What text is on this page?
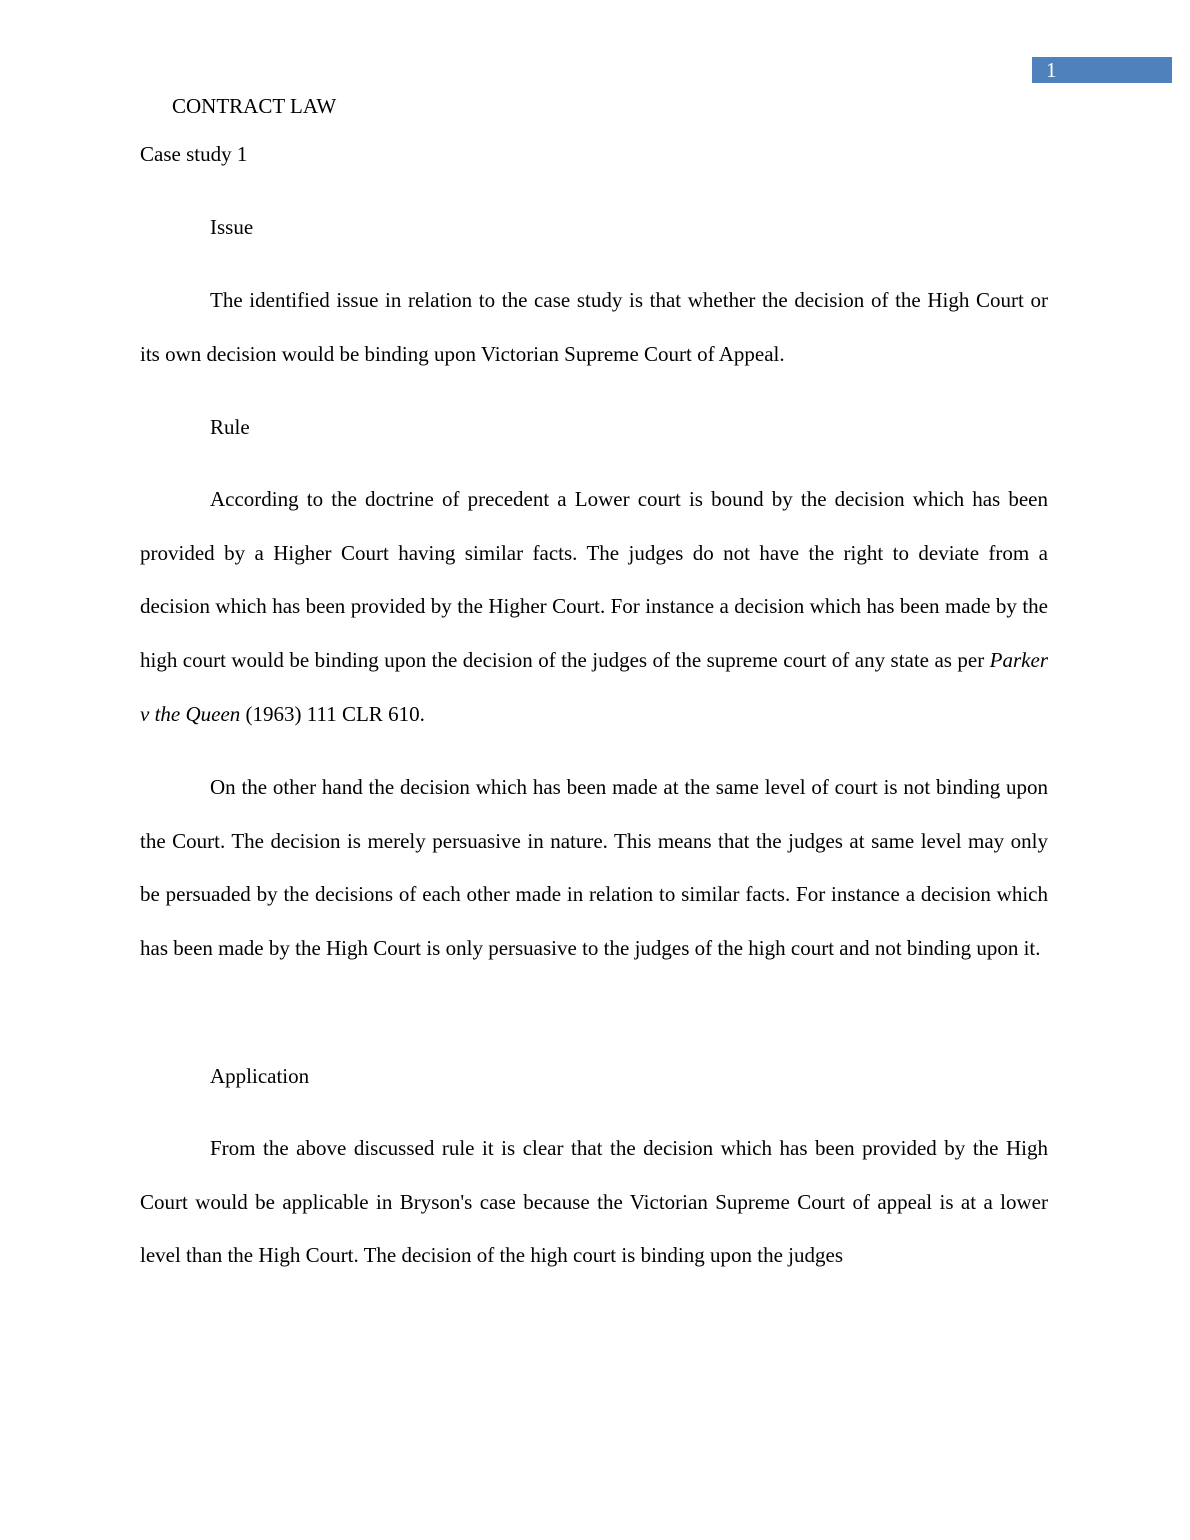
1
CONTRACT LAW
Case study 1
Issue

The identified issue in relation to the case study is that whether the decision of the High Court or its own decision would be binding upon Victorian Supreme Court of Appeal.

Rule

According to the doctrine of precedent a Lower court is bound by the decision which has been provided by a Higher Court having similar facts. The judges do not have the right to deviate from a decision which has been provided by the Higher Court. For instance a decision which has been made by the high court would be binding upon the decision of the judges of the supreme court of any state as per Parker v the Queen (1963) 111 CLR 610.

On the other hand the decision which has been made at the same level of court is not binding upon the Court. The decision is merely persuasive in nature. This means that the judges at same level may only be persuaded by the decisions of each other made in relation to similar facts. For instance a decision which has been made by the High Court is only persuasive to the judges of the high court and not binding upon it.

Application

From the above discussed rule it is clear that the decision which has been provided by the High Court would be applicable in Bryson's case because the Victorian Supreme Court of appeal is at a lower level than the High Court. The decision of the high court is binding upon the judges
